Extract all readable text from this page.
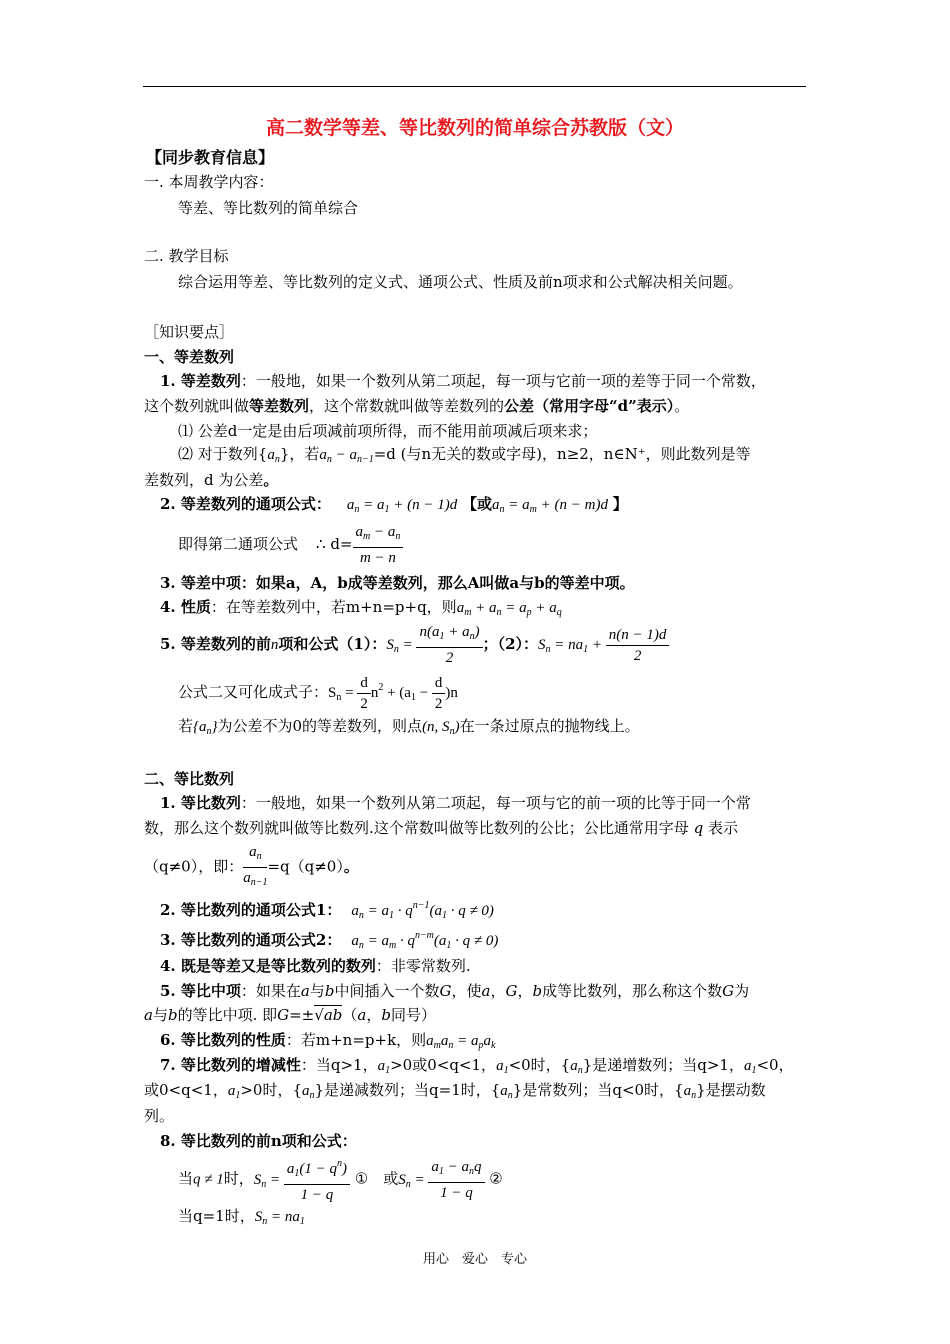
高二数学等差、等比数列的简单综合苏教版（文）
【同步教育信息】
一. 本周教学内容：
等差、等比数列的简单综合
二. 教学目标
综合运用等差、等比数列的定义式、通项公式、性质及前n项求和公式解决相关问题。
［知识要点］
一、等差数列
1. 等差数列：一般地，如果一个数列从第二项起，每一项与它前一项的差等于同一个常数，
这个数列就叫做等差数列，这个常数就叫做等差数列的公差（常用字母“d”表示）。
⑴ 公差d一定是由后项减前项所得，而不能用前项减后项来求；
⑵ 对于数列$\{a_n\}$，若$a_n - a_{n-1}=d$ (与n无关的数或字母)，n≥2，n∈N⁺，则此数列是等
差数列，d 为公差。
2. 等差数列的通项公式： $a_n = a_1 + (n - 1)d$ 【或$a_n = a_m + (n - m)d$ 】
即得第二通项公式 ∴ $d= \frac{a_m - a_n}{m - n}$
3. 等差中项：如果a，A，b成等差数列，那么A叫做a与b的等差中项。
4. 性质：在等差数列中，若m+n=p+q，则$a_m + a_n = a_p + a_q$
5. 等差数列的前n项和公式（1）：$S_n = \frac{n(a_1 + a_n)}{2}$ ；（2）：$S_n = na_1 + \frac{n(n - 1)d}{2}$
公式二又可化成式子：$S_n = \frac{d}{2} n^2 + (a_1 - \frac{d}{2} )n$
若$\{a_n\}$为公差不为0的等差数列，则点(n, $S_n$)在一条过原点的抛物线上。
二、等比数列
1. 等比数列：一般地，如果一个数列从第二项起，每一项与它的前一项的比等于同一个常
数，那么这个数列就叫做等比数列.这个常数叫做等比数列的公比；公比通常用字母 q 表示
（q≠0），即： $\frac{a_n}{a_{n-1}} =q(q\ne 0)$。
2. 等比数列的通项公式1： $a_n = a_1 \cdot q^{n-1}(a_1 \cdot q \ne 0)$
3. 等比数列的通项公式2： $a_n = a_m \cdot q^{n-m}(a_1 \cdot q \ne 0)$
4. 既是等差又是等比数列的数列：非零常数列.
5. 等比中项：如果在a与b中间插入一个数G，使a，G，b成等比数列，那么称这个数G为
a与b的等比中项. 即G=±√ab（a，b同号）
6. 等比数列的性质：若m+n=p+k，则$a_ma_n = a_pa_k$
7. 等比数列的增减性：当q>1，$a_1>0$或0<q<1，$a_1<0$时，$\{a_n\}$是递增数列；当q>1，$a_1<0$，
或0<q<1，$a_1>0$时，$\{a_n\}$是递减数列；当q=1时，$\{a_n\}$是常数列；当q<0时，$\{a_n\}$是摆动数
列。
8. 等比数列的前n项和公式：
当q ≠ 1时，$S_n = \frac{a_1(1 - q^n)}{1 - q}$ ①　或$S_n = \frac{a_1 - a_nq}{1 - q}$ ②
当q=1时，$S_n = na_1$
用心　爱心　专心
